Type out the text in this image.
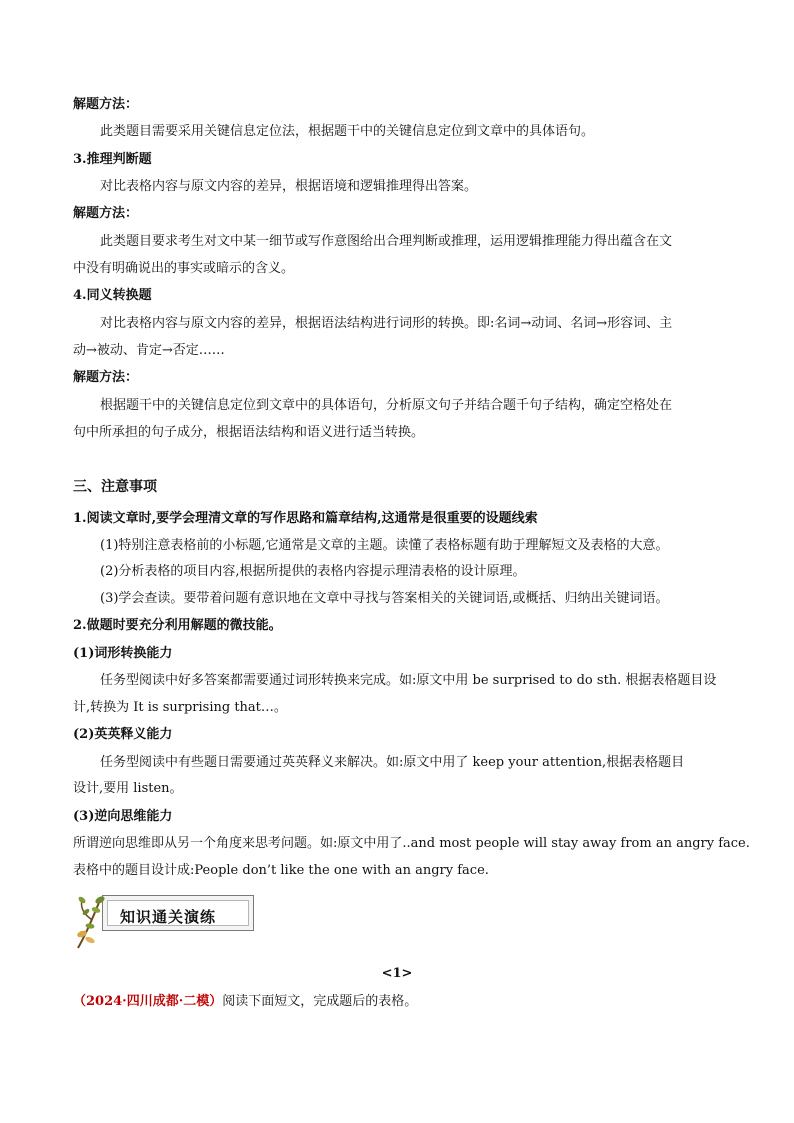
解题方法：
此类题目需要采用关键信息定位法，根据题干中的关键信息定位到文章中的具体语句。
3.推理判断题
对比表格内容与原文内容的差异，根据语境和逻辑推理得出答案。
解题方法：
此类题目要求考生对文中某一细节或写作意图给出合理判断或推理，运用逻辑推理能力得出蕴含在文
中没有明确说出的事实或暗示的含义。
4.同义转换题
对比表格内容与原文内容的差异，根据语法结构进行词形的转换。即:名词→动词、名词→形容词、主
动→被动、肯定→否定……
解题方法：
根据题干中的关键信息定位到文章中的具体语句，分析原文句子并结合题千句子结构，确定空格处在
句中所承担的句子成分，根据语法结构和语义进行适当转换。
三、注意事项
1.阅读文章时,要学会理清文章的写作思路和篇章结构,这通常是很重要的设题线索
(1)特别注意表格前的小标题,它通常是文章的主题。读懂了表格标题有助于理解短文及表格的大意。
(2)分析表格的项目内容,根据所提供的表格内容提示理清表格的设计原理。
(3)学会查读。要带着问题有意识地在文章中寻找与答案相关的关键词语,或概括、归纳出关键词语。
2.做题时要充分利用解题的微技能。
(1)词形转换能力
任务型阅读中好多答案都需要通过词形转换来完成。如:原文中用 be surprised to do sth. 根据表格题目设
计,转换为 It is surprising that…。
(2)英英释义能力
任务型阅读中有些题日需要通过英英释义来解决。如:原文中用了 keep your attention,根据表格题目
设计,要用 listen。
(3)逆向思维能力
所谓逆向思维即从另一个角度来思考问题。如:原文中用了..and most people will stay away from an angry face.
表格中的题目设计成:People don’t like the one with an angry face.
知识通关演练
<1>
（2024·四川成都·二模）阅读下面短文，完成题后的表格。
